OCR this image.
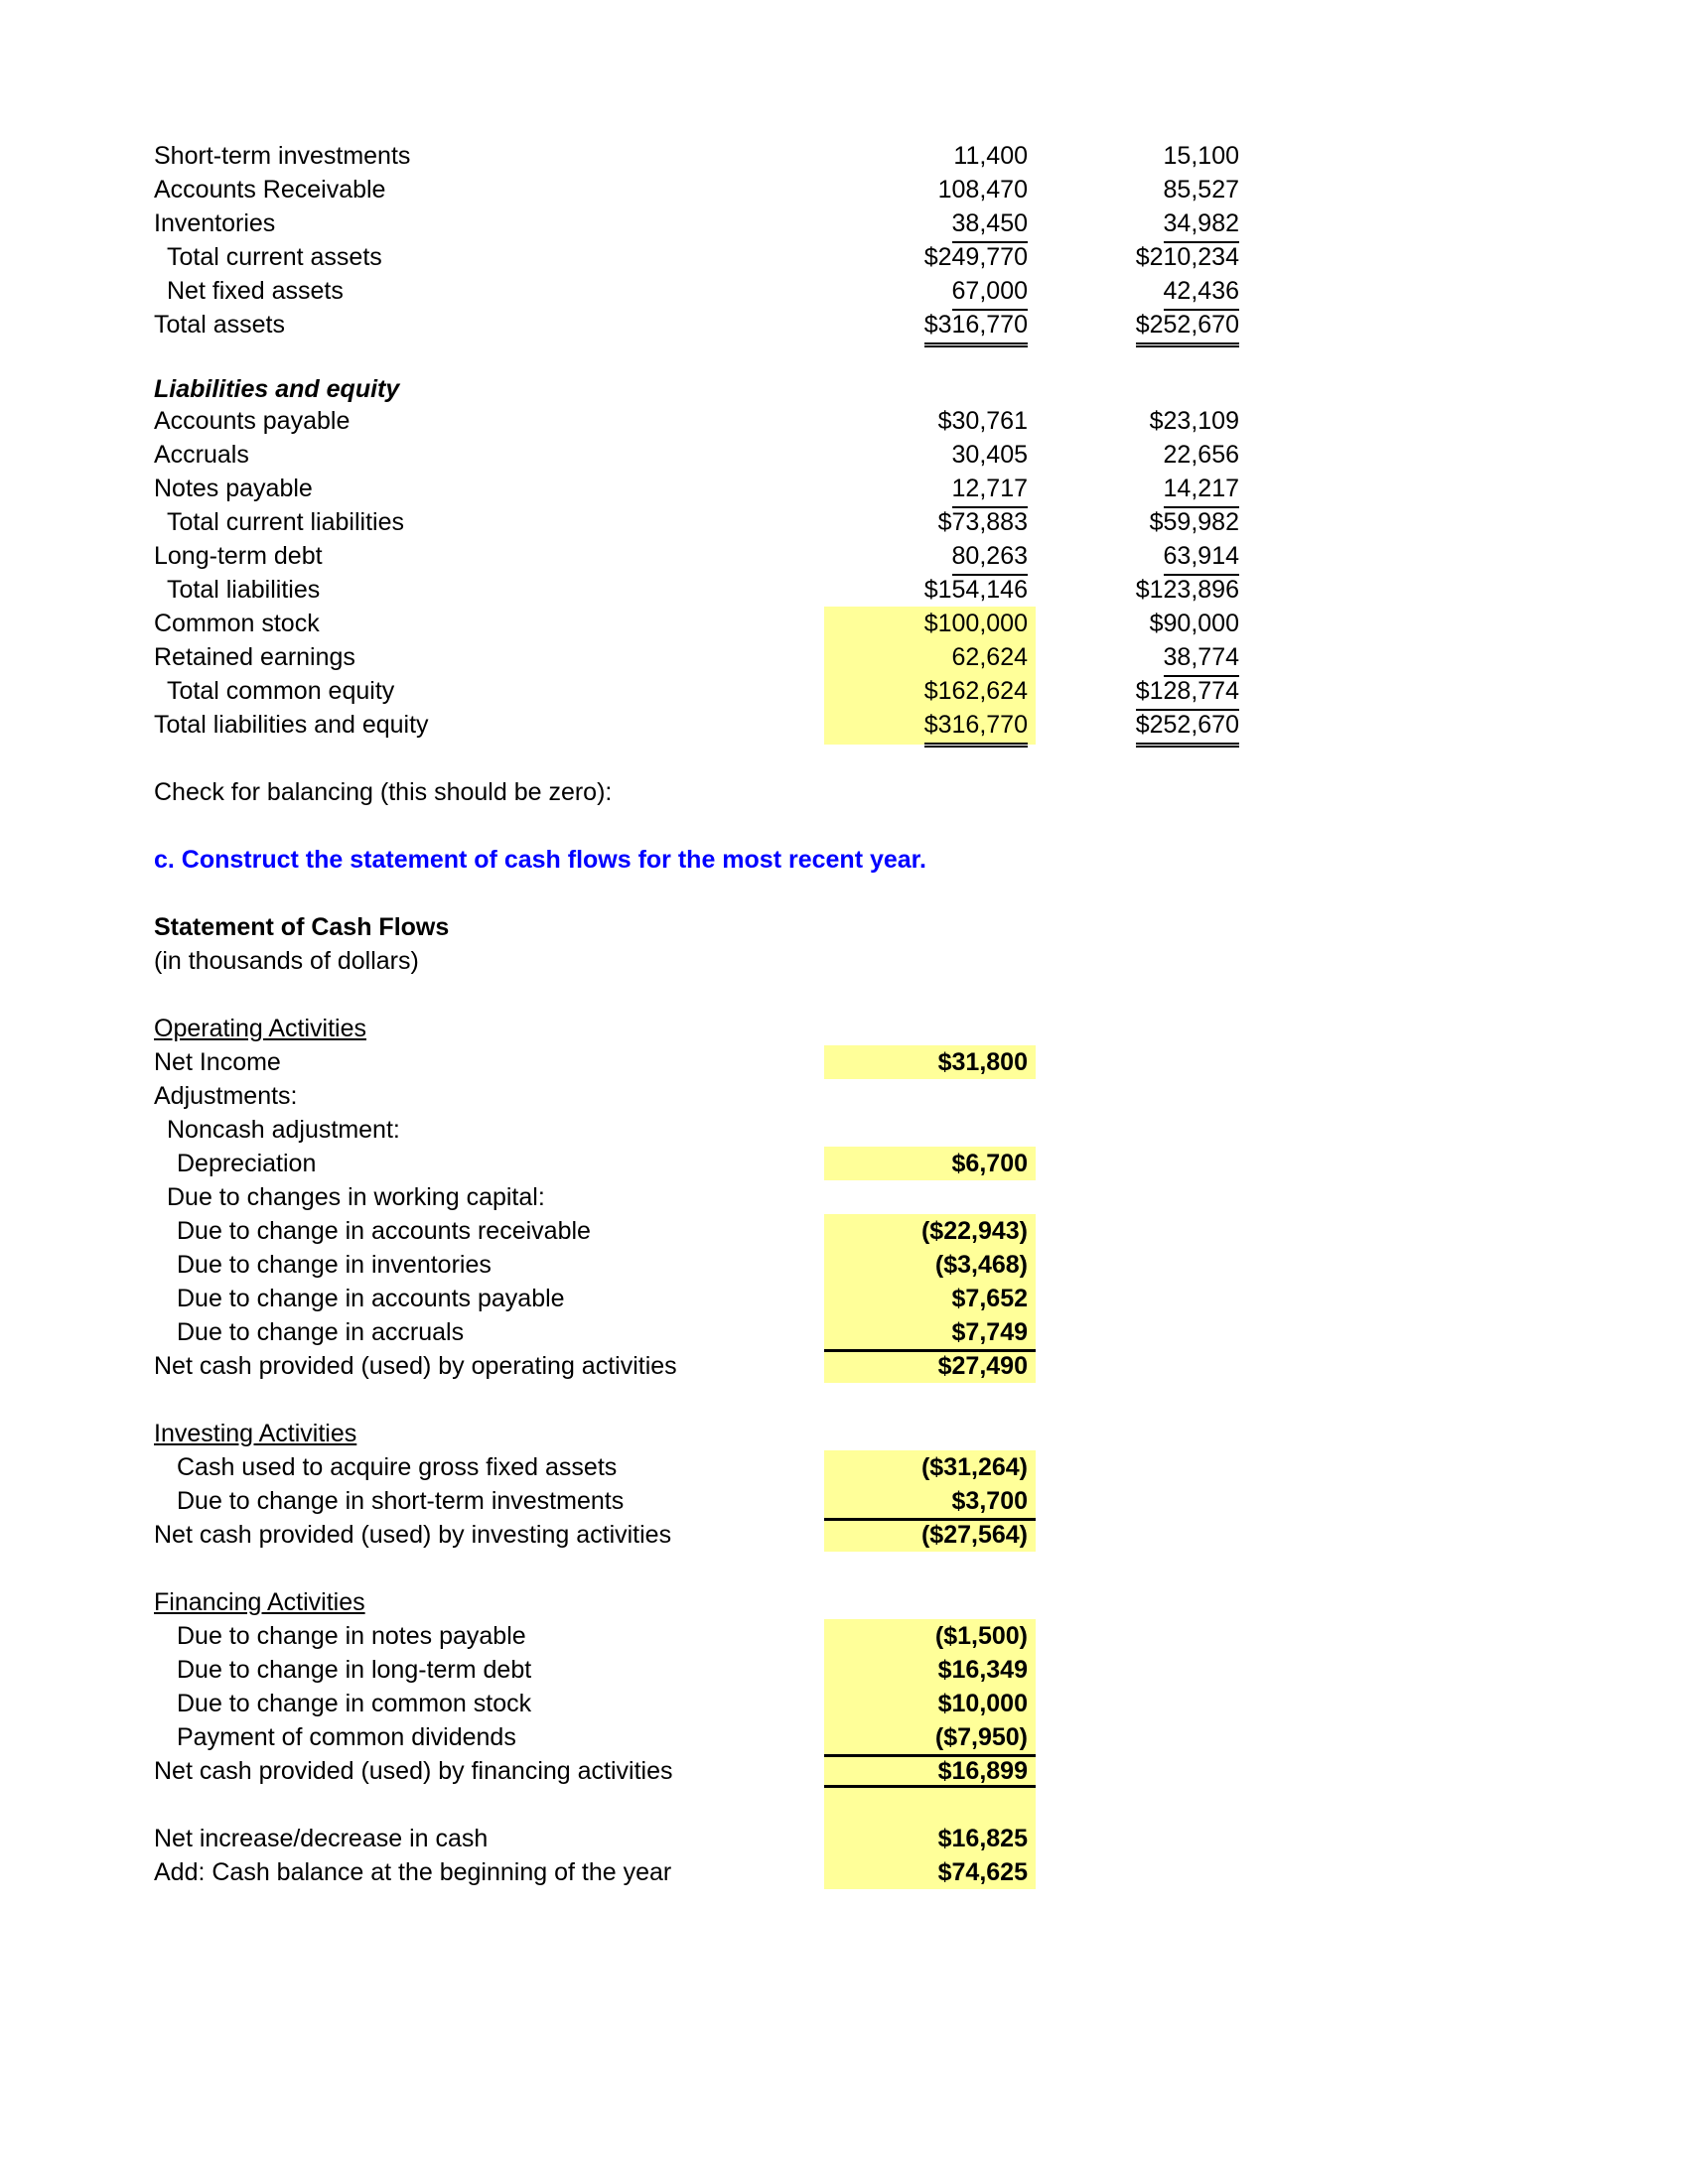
Short-term investments	11,400	15,100
Accounts Receivable	108,470	85,527
Inventories	38,450	34,982
Total current assets	$249,770	$210,234
Net fixed assets	67,000	42,436
Total assets	$316,770	$252,670
Liabilities and equity
Accounts payable	$30,761	$23,109
Accruals	30,405	22,656
Notes payable	12,717	14,217
Total current liabilities	$73,883	$59,982
Long-term debt	80,263	63,914
Total liabilities	$154,146	$123,896
Common stock	$100,000	$90,000
Retained earnings	62,624	38,774
Total common equity	$162,624	$128,774
Total liabilities and equity	$316,770	$252,670
Check for balancing (this should be zero):
c. Construct the statement of cash flows for the most recent year.
Statement of Cash Flows
(in thousands of dollars)
Operating Activities
Net Income	$31,800
Adjustments:
Noncash adjustment:
Depreciation	$6,700
Due to changes in working capital:
Due to change in accounts receivable	($22,943)
Due to change in inventories	($3,468)
Due to change in accounts payable	$7,652
Due to change in accruals	$7,749
Net cash provided (used) by operating activities	$27,490
Investing Activities
Cash used to acquire gross fixed assets	($31,264)
Due to change in short-term investments	$3,700
Net cash provided (used) by investing activities	($27,564)
Financing Activities
Due to change in notes payable	($1,500)
Due to change in long-term debt	$16,349
Due to change in common stock	$10,000
Payment of common dividends	($7,950)
Net cash provided (used) by financing activities	$16,899
Net increase/decrease in cash	$16,825
Add: Cash balance at the beginning of the year	$74,625
